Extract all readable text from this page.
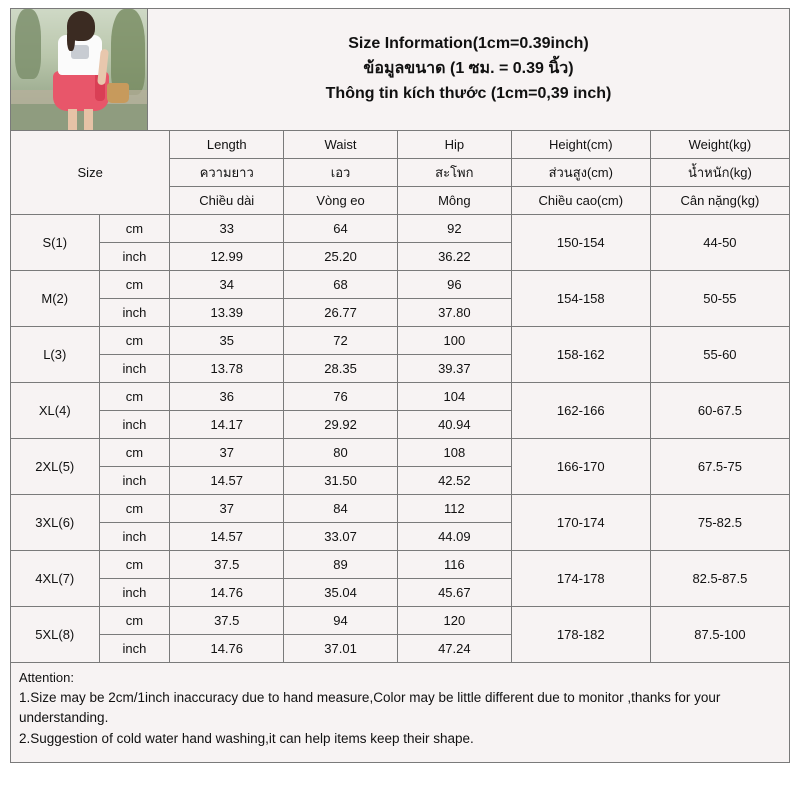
Size Information(1cm=0.39inch)
ข้อมูลขนาด (1 ซม. = 0.39 นิ้ว)
Thông tin kích thước (1cm=0,39 inch)
Size		Length	Waist	Hip	Height(cm)	Weight(kg)
		ความยาว	เอว	สะโพก	ส่วนสูง(cm)	น้ำหนัก(kg)
		Chiều dài	Vòng eo	Mông	Chiều cao(cm)	Cân nặng(kg)
S(1)	cm	33	64	92	150-154	44-50
	inch	12.99	25.20	36.22		
M(2)	cm	34	68	96	154-158	50-55
	inch	13.39	26.77	37.80		
L(3)	cm	35	72	100	158-162	55-60
	inch	13.78	28.35	39.37		
XL(4)	cm	36	76	104	162-166	60-67.5
	inch	14.17	29.92	40.94		
2XL(5)	cm	37	80	108	166-170	67.5-75
	inch	14.57	31.50	42.52		
3XL(6)	cm	37	84	112	170-174	75-82.5
	inch	14.57	33.07	44.09		
4XL(7)	cm	37.5	89	116	174-178	82.5-87.5
	inch	14.76	35.04	45.67		
5XL(8)	cm	37.5	94	120	178-182	87.5-100
	inch	14.76	37.01	47.24		
Attention:
1.Size may be 2cm/1inch inaccuracy due to hand measure,Color may be little different due to monitor ,thanks for your understanding.
2.Suggestion of cold water hand washing,it can help items keep their shape.
